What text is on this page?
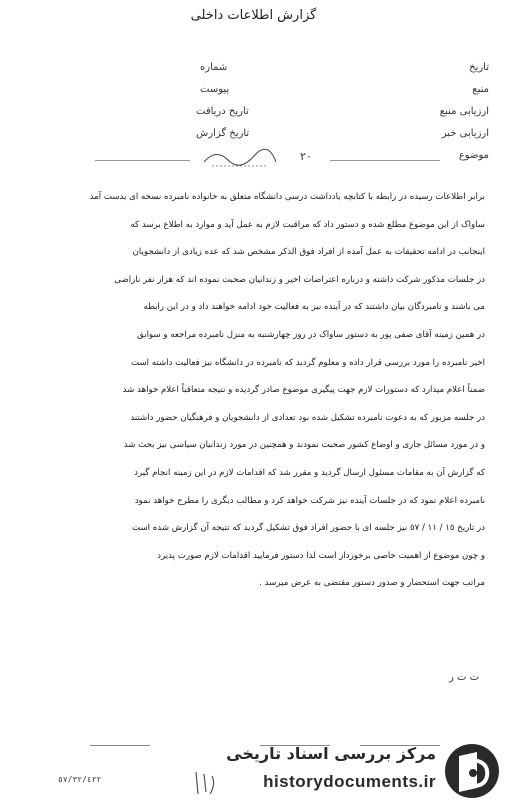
گزارش اطلاعات داخلی
شماره	تاریخ
پیوست	منبع
تاریخ دریافت	ارزیابی منبع
تاریخ گزارش	ارزیابی خبر
٢٠	موضوع

برابر اطلاعات رسیده در رابطه با کتابچه یادداشت درسی دانشگاه متعلق به خانواده نامبرده نسخه ای بدست آمد

ساواک از این موضوع مطلع شده و دستور داد که مراقبت لازم به عمل آید و موارد به اطلاع برسد که

اینجانب در ادامه تحقیقات به عمل آمده از افراد فوق الذکر مشخص شد که عده زیادی از دانشجویان

در جلسات مذکور شرکت داشته و درباره اعتراضات اخیر و زندانیان صحبت نموده اند که هزار نفر ناراضی

می باشند و نامبردگان بیان داشتند که در آینده نیز به فعالیت خود ادامه خواهند داد و در این رابطه

در همین زمینه آقای صفی پور به دستور ساواک در روز چهارشنبه به منزل نامبرده مراجعه و سوابق

اخیر نامبرده را مورد بررسی قرار داده و معلوم گردید که نامبرده در دانشگاه نیز فعالیت داشته است

ضمناً اعلام میدارد که دستورات لازم جهت پیگیری موضوع صادر گردیده و نتیجه متعاقباً اعلام خواهد شد

در جلسه مزبور که به دعوت نامبرده تشکیل شده بود تعدادی از دانشجویان و فرهنگیان حضور داشتند

و در مورد مسائل جاری و اوضاع کشور صحبت نمودند و همچنین در مورد زندانیان سیاسی نیز بحث شد

که گزارش آن به مقامات مسئول ارسال گردید و مقرر شد که اقدامات لازم در این زمینه انجام گیرد

نامبرده اعلام نمود که در جلسات آینده نیز شرکت خواهد کرد و مطالب دیگری را مطرح خواهد نمود

در تاریخ ١٥ / ١١ / ٥٧ نیز جلسه ای با حضور افراد فوق تشکیل گردید که نتیجه آن گزارش شده است

و چون موضوع از اهمیت خاصی برخوردار است لذا دستور فرمایید اقدامات لازم صورت پذیرد

مراتب جهت استحضار و صدور دستور مقتضی به عرض میرسد .

ت ت ر
٥٧/٣٢/٤٢٢
مرکز بررسی اسناد تاریخی
historydocuments.ir
